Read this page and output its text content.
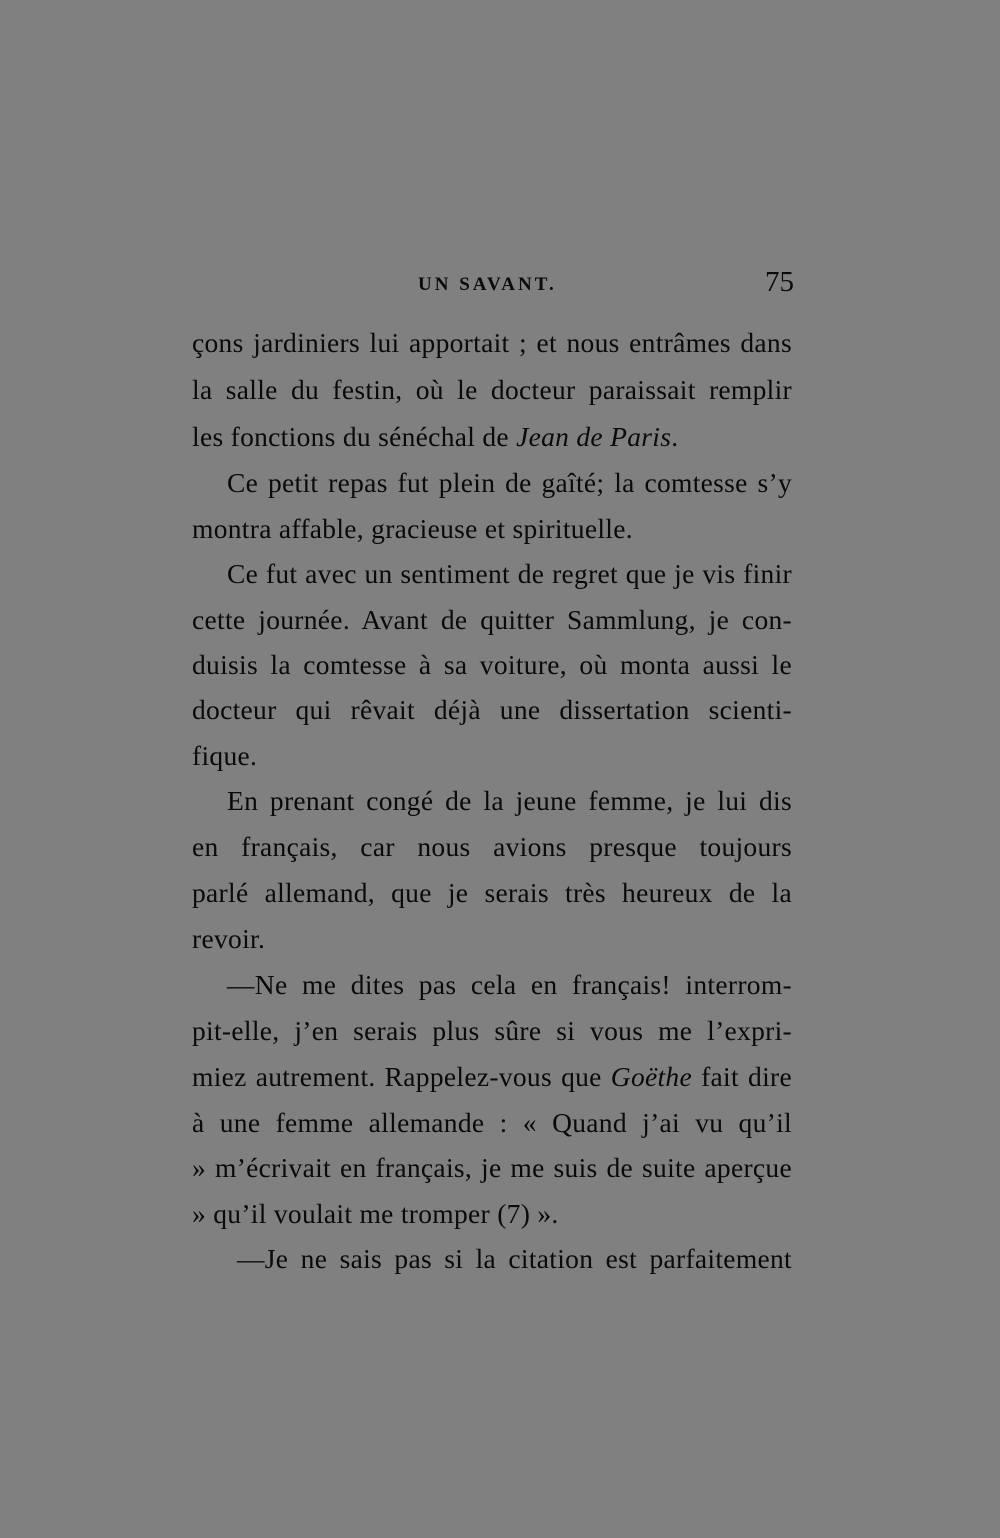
UN SAVANT.	75
çons jardiniers lui apportait ; et nous entrâmes dans
la salle du festin, où le docteur paraissait remplir
les fonctions du sénéchal de Jean de Paris.
Ce petit repas fut plein de gaîté; la comtesse s’y
montra affable, gracieuse et spirituelle.
Ce fut avec un sentiment de regret que je vis finir
cette journée. Avant de quitter Sammlung, je con-
duisis la comtesse à sa voiture, où monta aussi le
docteur qui rêvait déjà une dissertation scienti-
fique.
En prenant congé de la jeune femme, je lui dis
en français, car nous avions presque toujours
parlé allemand, que je serais très heureux de la
revoir.
—Ne me dites pas cela en français! interrom-
pit-elle, j’en serais plus sûre si vous me l’expri-
miez autrement. Rappelez-vous que Goëthe fait dire
à une femme allemande : « Quand j’ai vu qu’il
» m’écrivait en français, je me suis de suite aperçue
» qu’il voulait me tromper (7) ».
—Je ne sais pas si la citation est parfaitement
